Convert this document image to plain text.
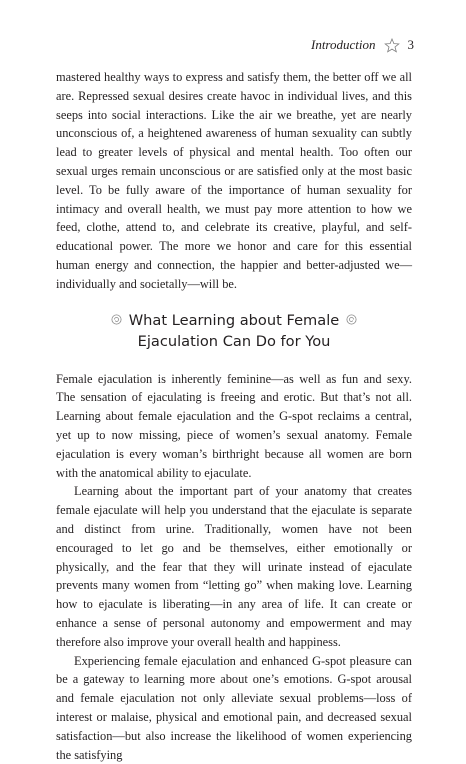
Introduction 3

mastered healthy ways to express and satisfy them, the better off we all are. Repressed sexual desires create havoc in individual lives, and this seeps into social interactions. Like the air we breathe, yet are nearly unconscious of, a heightened awareness of human sexuality can subtly lead to greater levels of physical and mental health. Too often our sexual urges remain unconscious or are satisfied only at the most basic level. To be fully aware of the importance of human sexuality for intimacy and overall health, we must pay more attention to how we feed, clothe, attend to, and celebrate its creative, playful, and self-educational power. The more we honor and care for this essential human energy and connection, the happier and better-adjusted we—individually and societally—will be.

What Learning about Female
Ejaculation Can Do for You

Female ejaculation is inherently feminine—as well as fun and sexy. The sensation of ejaculating is freeing and erotic. But that’s not all. Learning about female ejaculation and the G-spot reclaims a central, yet up to now missing, piece of women’s sexual anatomy. Female ejaculation is every woman’s birthright because all women are born with the anatomical ability to ejaculate.

Learning about the important part of your anatomy that creates female ejaculate will help you understand that the ejaculate is separate and distinct from urine. Traditionally, women have not been encouraged to let go and be themselves, either emotionally or physically, and the fear that they will urinate instead of ejaculate prevents many women from “letting go” when making love. Learning how to ejaculate is liberating—in any area of life. It can create or enhance a sense of personal autonomy and empowerment and may therefore also improve your overall health and happiness.

Experiencing female ejaculation and enhanced G-spot pleasure can be a gateway to learning more about one’s emotions. G-spot arousal and female ejaculation not only alleviate sexual problems—loss of interest or malaise, physical and emotional pain, and decreased sexual satisfaction—but also increase the likelihood of women experiencing the satisfying
